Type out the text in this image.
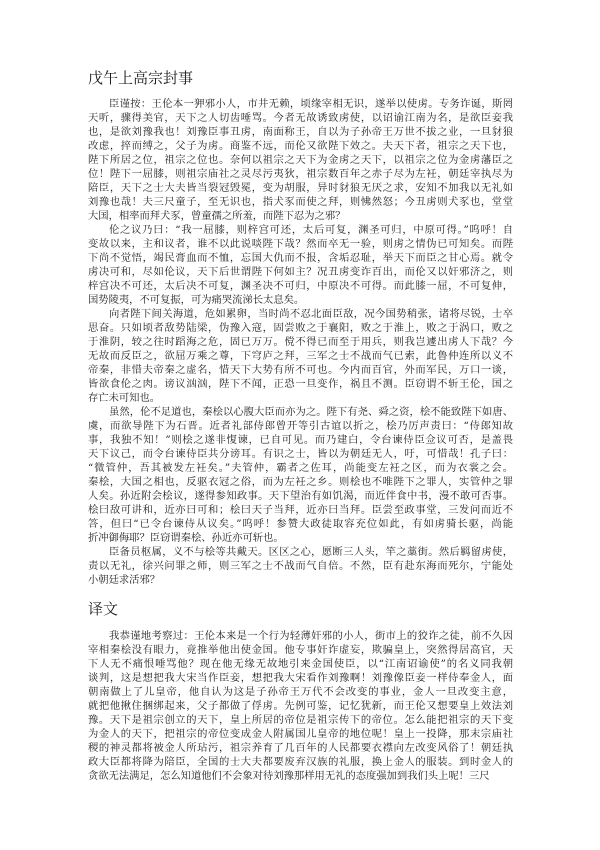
戊午上高宗封事
臣谨按：王伦本一狎邪小人，市井无赖，顷缘宰相无识，遂举以使虏。专务诈诞，斯罔
天听，骤得美官，天下之人切齿唾骂。今者无故诱致虏使，以诏谕江南为名，是欲臣妾我
也，是欲刘豫我也！刘豫臣事丑虏，南面称王，自以为子孙帝王万世不拔之业，一旦豺狼
改虑，捽而缚之，父子为虏。商鉴不远，而伦又欲陛下效之。夫天下者，祖宗之天下也，
陛下所居之位，祖宗之位也。奈何以祖宗之天下为金虏之天下，以祖宗之位为金虏藩臣之
位！陛下一屈膝，则祖宗庙社之灵尽污夷狄，祖宗数百年之赤子尽为左衽，朝廷宰执尽为
陪臣，天下之士大夫皆当裂冠毁冕，变为胡服，异时豺狼无厌之求，安知不加我以无礼如
刘豫也哉！夫三尺童子，至无识也，指犬豕而使之拜，则怫然怒；今丑虏则犬豕也，堂堂
大国，相率而拜犬豕，曾童孺之所羞，而陛下忍为之邪？
伦之议乃曰：“我一屈膝，则梓宫可还，太后可复，渊圣可归，中原可得。”呜呼！自
变故以来，主和议者，谁不以此说啖陛下哉？然而卒无一验，则虏之情伪已可知矣。而陛
下尚不觉悟，竭民膏血而不恤，忘国大仇而不报，含垢忍耻，举天下而臣之甘心焉。就令
虏决可和，尽如伦议，天下后世谓陛下何如主？况丑虏变诈百出，而伦又以奸邪济之，则
梓宫决不可还，太后决不可复，渊圣决不可归，中原决不可得。而此膝一屈，不可复伸，
国势陵夷，不可复振，可为痛哭流涕长太息矣。
向者陛下间关海道，危如累卵，当时尚不忍北面臣敌，况今国势稍张，诸将尽锐，士卒
思奋。只如顷者敌势陆梁，伪豫入寇，固尝败之于襄阳，败之于淮上，败之于涡口，败之
于淮阴，较之往时蹈海之危，固已万万。傥不得已而至于用兵，则我岂遽出虏人下哉？今
无故而反臣之，欲屈万乘之尊，下穹庐之拜，三军之士不战而气已索，此鲁仲连所以义不
帝秦，非惜夫帝秦之虚名，惜天下大势有所不可也。今内而百官，外而军民，万口一谈，
皆欲食伦之肉。谤议汹汹，陛下不闻，正恐一旦变作，祸且不测。臣窃谓不斩王伦，国之
存亡未可知也。
虽然，伦不足道也，秦桧以心腹大臣而亦为之。陛下有尧、舜之资，桧不能致陛下如唐、
虞，而欲导陛下为石晋。近者礼部侍郎曾开等引古谊以折之，桧乃厉声责曰：“侍郎知故
事，我独不知！”则桧之遂非愎谏，已自可见。而乃建白，令台谏侍臣佥议可否，是盖畏
天下议己，而令台谏侍臣共分谤耳。有识之士，皆以为朝廷无人，吁，可惜哉！孔子曰：
“微管仲，吾其被发左衽矣。”夫管仲，霸者之佐耳，尚能变左衽之区，而为衣裳之会。
秦桧，大国之相也，反驱衣冠之俗，而为左衽之乡。则桧也不唯陛下之罪人，实管仲之罪
人矣。孙近附会桧议，遂得参知政事。天下望治有如饥渴，而近伴食中书，漫不敢可否事。
桧曰敌可讲和，近亦曰可和；桧曰天子当拜，近亦曰当拜。臣尝至政事堂，三发问而近不
答，但曰“已令台谏侍从议矣。”呜呼！参赞大政徒取容充位如此，有如虏骑长驱，尚能
折冲御侮耶？臣窃谓秦桧、孙近亦可斩也。
臣备员枢属，义不与桧等共戴天。区区之心，愿断三人头，竿之藁街。然后羁留虏使，
责以无礼，徐兴问罪之师，则三军之士不战而气自倍。不然，臣有赴东海而死尔，宁能处
小朝廷求活邪？
译文
我恭谨地考察过：王伦本来是一个行为轻薄奸邪的小人，街市上的狡诈之徒，前不久因
宰相秦桧没有眼力，竟推举他出使金国。他专事奸诈虚妄，欺骗皇上，突然得居高官，天
下人无不痛恨唾骂他？现在他无缘无故地引来金国使臣，以“江南诏谕使”的名义同我朝
谈判，这是想把我大宋当作臣妾，想把我大宋看作刘豫啊！刘豫像臣妾一样侍奉金人，面
朝南做上了儿皇帝，他自认为这是子孙帝王万代不会改变的事业，金人一旦改变主意，
就把他揪住捆绑起来，父子都做了俘虏。先例可鉴，记忆犹新，而王伦又想要皇上效法刘
豫。天下是祖宗创立的天下，皇上所居的帝位是祖宗传下的帝位。怎么能把祖宗的天下变
为金人的天下，把祖宗的帝位变成金人附属国儿皇帝的地位呢！皇上一投降，那末宗庙社
稷的神灵都将被金人所玷污，祖宗养育了几百年的人民都要衣襟向左改变风俗了！朝廷执
政大臣都将降为陪臣，全国的士大夫都要废弃汉族的礼服，换上金人的服装。到时金人的
贪欲无法满足，怎么知道他们不会象对待刘豫那样用无礼的态度强加到我们头上呢！三尺
